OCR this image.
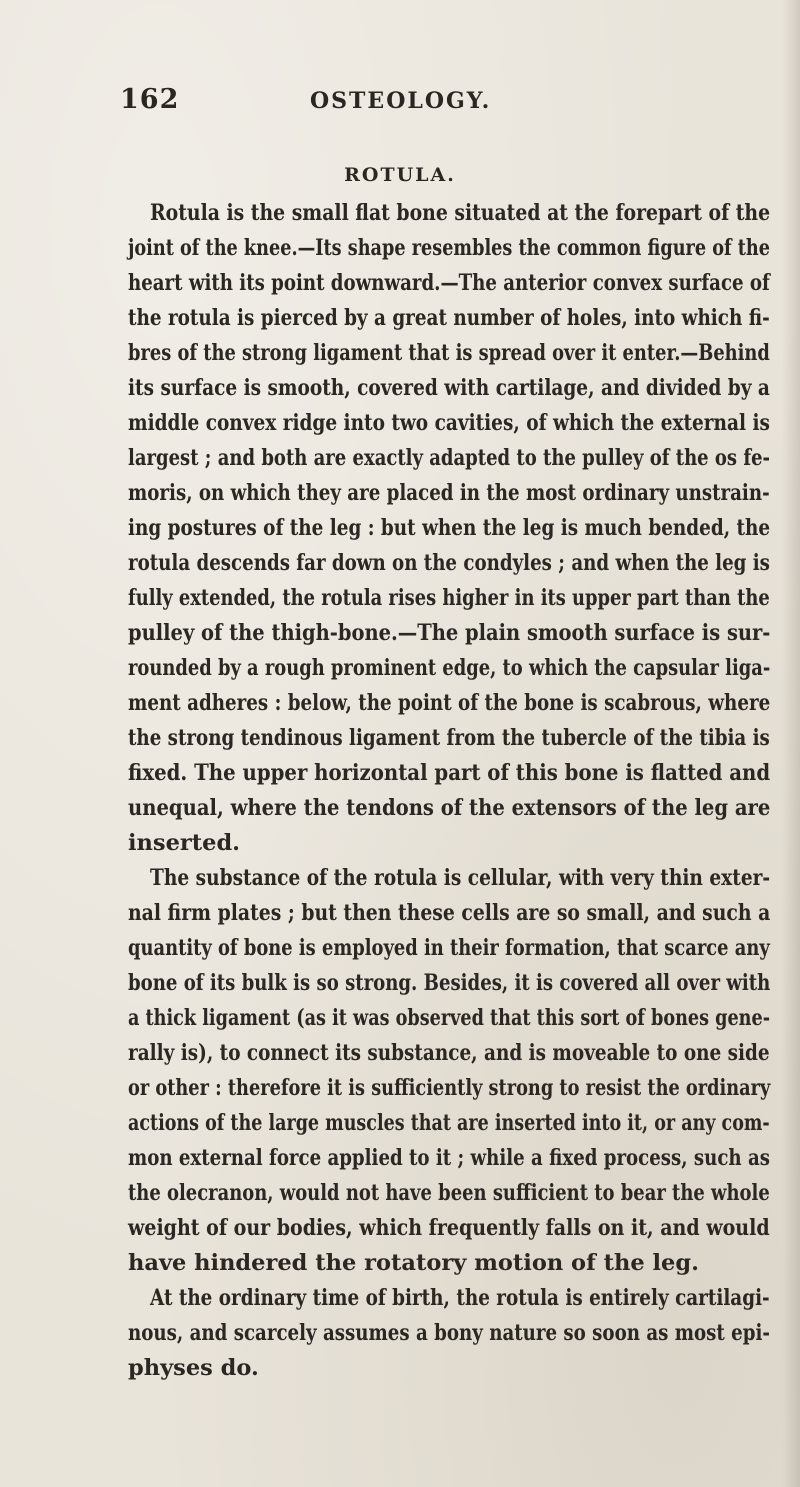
162	OSTEOLOGY.
ROTULA.
Rotula is the small flat bone situated at the forepart of the
joint of the knee.—Its shape resembles the common figure of the
heart with its point downward.—The anterior convex surface of
the rotula is pierced by a great number of holes, into which fi-
bres of the strong ligament that is spread over it enter.—Behind
its surface is smooth, covered with cartilage, and divided by a
middle convex ridge into two cavities, of which the external is
largest ; and both are exactly adapted to the pulley of the os fe-
moris, on which they are placed in the most ordinary unstrain-
ing postures of the leg : but when the leg is much bended, the
rotula descends far down on the condyles ; and when the leg is
fully extended, the rotula rises higher in its upper part than the
pulley of the thigh-bone.—The plain smooth surface is sur-
rounded by a rough prominent edge, to which the capsular liga-
ment adheres : below, the point of the bone is scabrous, where
the strong tendinous ligament from the tubercle of the tibia is
fixed. The upper horizontal part of this bone is flatted and
unequal, where the tendons of the extensors of the leg are
inserted.
The substance of the rotula is cellular, with very thin exter-
nal firm plates ; but then these cells are so small, and such a
quantity of bone is employed in their formation, that scarce any
bone of its bulk is so strong. Besides, it is covered all over with
a thick ligament (as it was observed that this sort of bones gene-
rally is), to connect its substance, and is moveable to one side
or other : therefore it is sufficiently strong to resist the ordinary
actions of the large muscles that are inserted into it, or any com-
mon external force applied to it ; while a fixed process, such as
the olecranon, would not have been sufficient to bear the whole
weight of our bodies, which frequently falls on it, and would
have hindered the rotatory motion of the leg.
At the ordinary time of birth, the rotula is entirely cartilagi-
nous, and scarcely assumes a bony nature so soon as most epi-
physes do.
